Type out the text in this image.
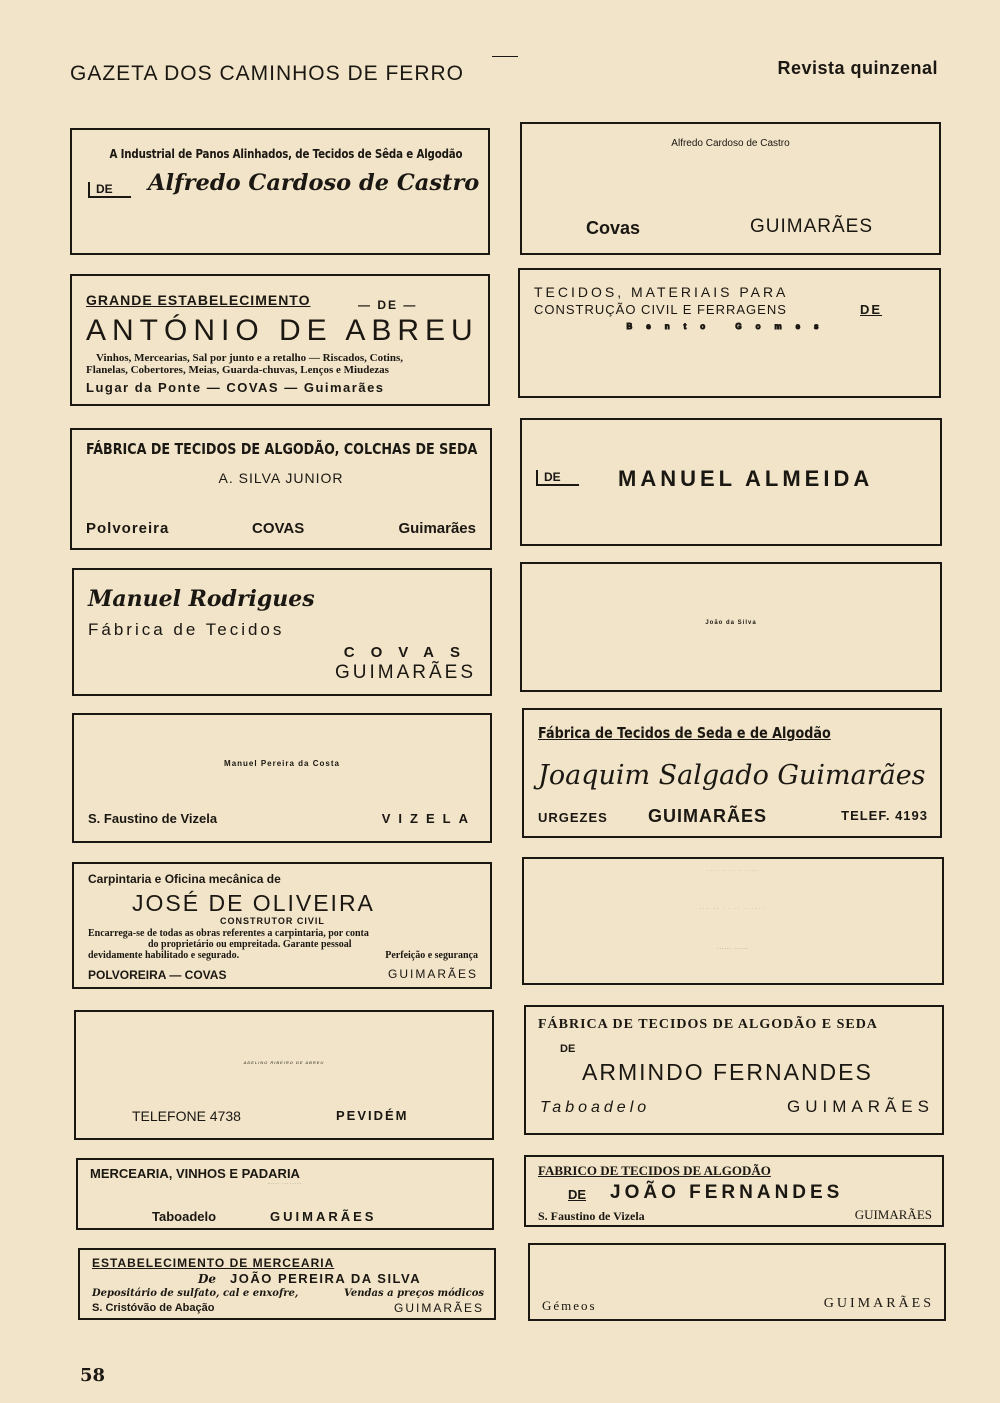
GAZETA DOS CAMINHOS DE FERRO	Revista quinzenal
A Industrial de Panos Alinhados, de Tecidos de Sêda e Algodão
DE	Alfredo Cardoso de Castro
GRANDE ESTABELECIMENTO	— DE —
ANTÓNIO DE ABREU
Vinhos, Mercearias, Sal por junto e a retalho — Riscados, Cotins,
Flanelas, Cobertores, Meias, Guarda-chuvas, Lenços e Miudezas
Lugar da Ponte — COVAS — Guimarães
FÁBRICA DE TECIDOS DE ALGODÃO, COLCHAS DE SEDA
A. SILVA JUNIOR
Polvoreira	COVAS	Guimarães
Manuel Rodrigues
Fábrica de Tecidos
COVAS
GUIMARÃES
Manuel Pereira da Costa
S. Faustino de Vizela	VIZELA
Carpintaria e Oficina mecânica de
JOSÉ DE OLIVEIRA
CONSTRUTOR CIVIL
Encarrega-se de todas as obras referentes a carpintaria, por conta
do proprietário ou empreitada. Garante pessoal
devidamente habilitado e segurado.	Perfeição e segurança
POLVOREIRA — COVAS	GUIMARÃES
ADELINO RIBEIRO DE ABREU
TELEFONE 4738	PEVIDÉM
MERCEARIA, VINHOS E PADARIA
BELMIRO ALVES CARDOSO
Taboadelo	GUIMARÃES
ESTABELECIMENTO DE MERCEARIA
De JOÃO PEREIRA DA SILVA
Depositário de sulfato, cal e enxofre,	Vendas a preços módicos
S. Cristóvão de Abação	GUIMARÃES
Alfredo Cardoso de Castro
Covas	GUIMARÃES
TECIDOS, MATERIAIS PARA
CONSTRUÇÃO CIVIL E FERRAGENS	DE
Bento Gomes
DE	MANUEL ALMEIDA
João da Silva
Fábrica de Tecidos de Seda e de Algodão
Joaquim Salgado Guimarães
URGEZES GUIMARÃES	TELEF. 4193
FÁBRICA MANUAL DE TECIDOS
Damião Leite Simões
TABOADELO—GUIMARÃES
FÁBRICA DE TECIDOS DE ALGODÃO E SEDA
DE
ARMINDO FERNANDES
Taboadelo	GUIMARÃES
FABRICO DE TECIDOS DE ALGODÃO
DE JOÃO FERNANDES
S. Faustino de Vizela	GUIMARÃES
Gémeos	GUIMARÃES
58
